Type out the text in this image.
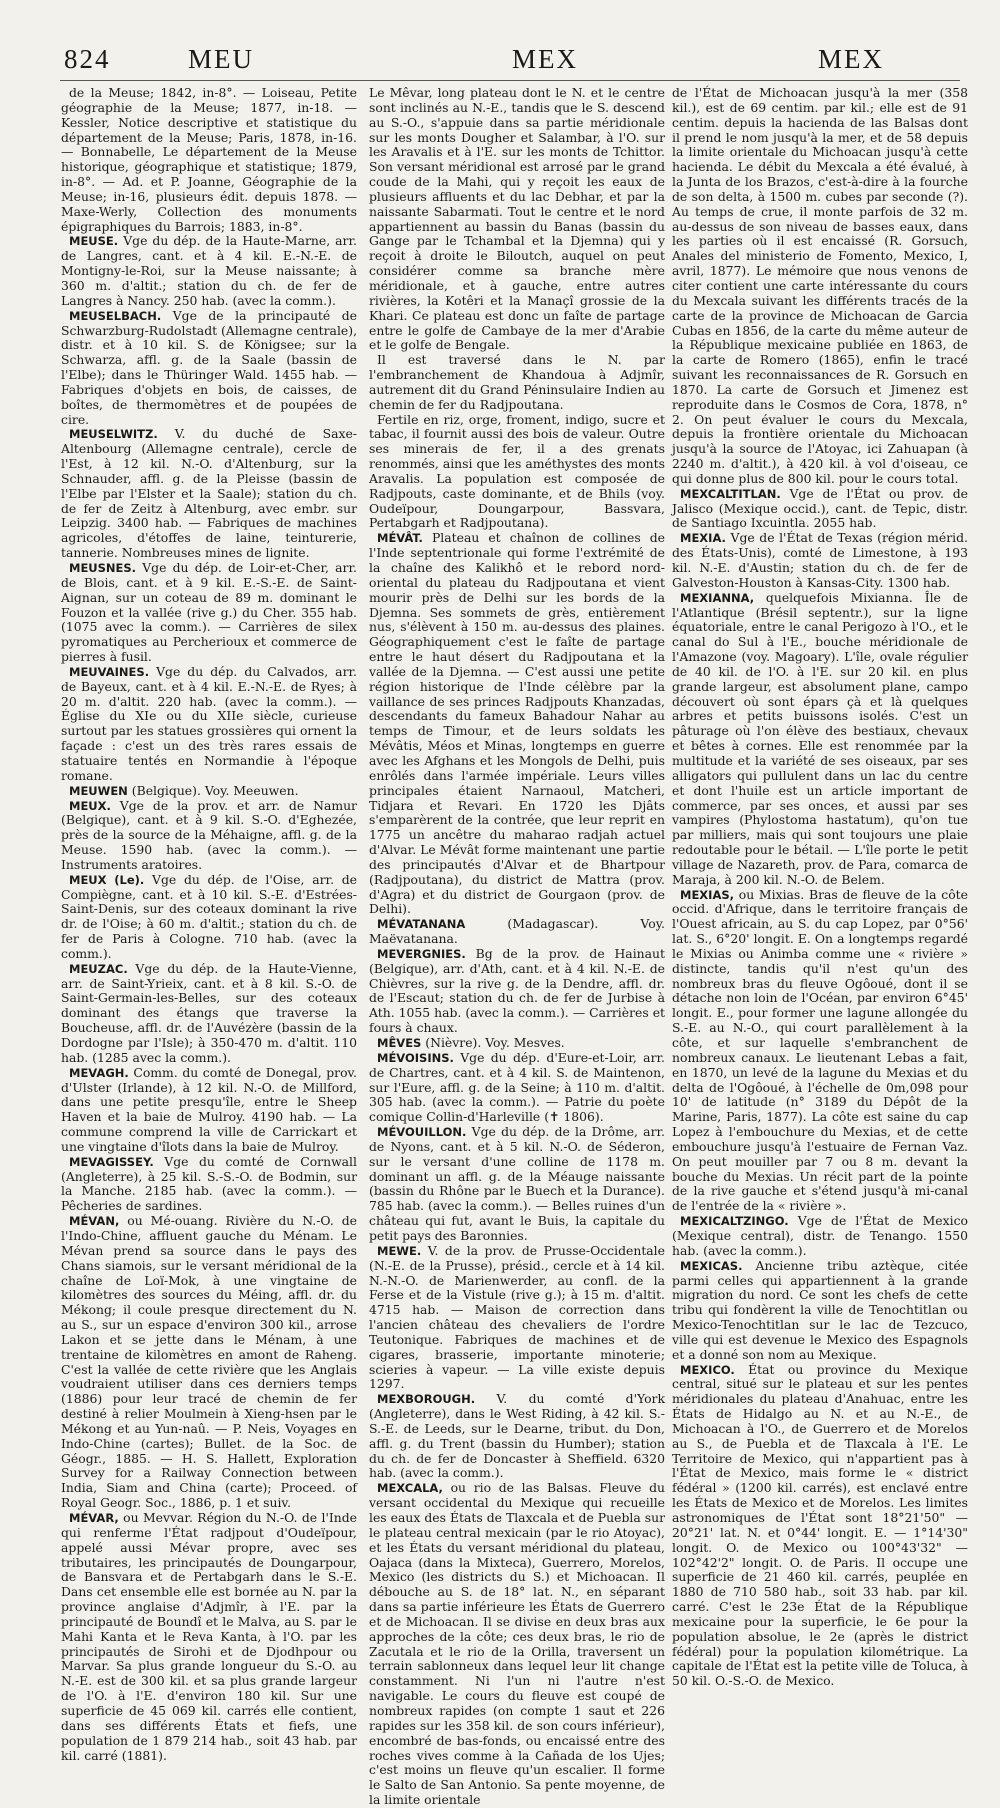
824	MEU	MEX	MEX

de la Meuse; 1842, in-8°. — Loiseau, Petite géographie de la Meuse; 1877, in-18. — Kessler, Notice descriptive et statistique du département de la Meuse; Paris, 1878, in-16. — Bonnabelle, Le département de la Meuse historique, géographique et statistique; 1879, in-8°. — Ad. et P. Joanne, Géographie de la Meuse; in-16, plusieurs édit. depuis 1878. — Maxe-Werly, Collection des monuments épigraphiques du Barrois; 1883, in-8°.

MEUSE. Vge du dép. de la Haute-Marne, arr. de Langres, cant. et à 4 kil. E.-N.-E. de Montigny-le-Roi, sur la Meuse naissante; à 360 m. d'altit.; station du ch. de fer de Langres à Nancy. 250 hab. (avec la comm.).

MEUSELBACH. Vge de la principauté de Schwarzburg-Rudolstadt (Allemagne centrale), distr. et à 10 kil. S. de Königsee; sur la Schwarza, affl. g. de la Saale (bassin de l'Elbe); dans le Thüringer Wald. 1455 hab. — Fabriques d'objets en bois, de caisses, de boîtes, de thermomètres et de poupées de cire.

MEUSELWITZ. V. du duché de Saxe-Altenbourg (Allemagne centrale), cercle de l'Est, à 12 kil. N.-O. d'Altenburg, sur la Schnauder, affl. g. de la Pleisse (bassin de l'Elbe par l'Elster et la Saale); station du ch. de fer de Zeitz à Altenburg, avec embr. sur Leipzig. 3400 hab. — Fabriques de machines agricoles, d'étoffes de laine, teinturerie, tannerie. Nombreuses mines de lignite.

MEUSNES. Vge du dép. de Loir-et-Cher, arr. de Blois, cant. et à 9 kil. E.-S.-E. de Saint-Aignan, sur un coteau de 89 m. dominant le Fouzon et la vallée (rive g.) du Cher. 355 hab. (1075 avec la comm.). — Carrières de silex pyromatiques au Percheriouх et commerce de pierres à fusil.

MEUVAINES. Vge du dép. du Calvados, arr. de Bayeux, cant. et à 4 kil. E.-N.-E. de Ryes; à 20 m. d'altit. 220 hab. (avec la comm.). — Église du XIe ou du XIIe siècle, curieuse surtout par les statues grossières qui ornent la façade : c'est un des très rares essais de statuaire tentés en Normandie à l'époque romane.

MEUWEN (Belgique). Voy. Meeuwen.

MEUX. Vge de la prov. et arr. de Namur (Belgique), cant. et à 9 kil. S.-O. d'Eghezée, près de la source de la Méhaigne, affl. g. de la Meuse. 1590 hab. (avec la comm.). — Instruments aratoires.

MEUX (Le). Vge du dép. de l'Oise, arr. de Compiègne, cant. et à 10 kil. S.-E. d'Estrées-Saint-Denis, sur des coteaux dominant la rive dr. de l'Oise; à 60 m. d'altit.; station du ch. de fer de Paris à Cologne. 710 hab. (avec la comm.).

MEUZAC. Vge du dép. de la Haute-Vienne, arr. de Saint-Yrieix, cant. et à 8 kil. S.-O. de Saint-Germain-les-Belles, sur des coteaux dominant des étangs que traverse la Boucheuse, affl. dr. de l'Auvézère (bassin de la Dordogne par l'Isle); à 350-470 m. d'altit. 110 hab. (1285 avec la comm.).

MEVAGH. Comm. du comté de Donegal, prov. d'Ulster (Irlande), à 12 kil. N.-O. de Millford, dans une petite presqu'île, entre le Sheep Haven et la baie de Mulroy. 4190 hab. — La commune comprend la ville de Carrickart et une vingtaine d'îlots dans la baie de Mulroy.

MEVAGISSEY. Vge du comté de Cornwall (Angleterre), à 25 kil. S.-S.-O. de Bodmin, sur la Manche. 2185 hab. (avec la comm.). — Pêcheries de sardines.

MÉVAN, ou Mé-ouang. Rivière du N.-O. de l'Indo-Chine, affluent gauche du Ménam. Le Mévan prend sa source dans le pays des Chans siamois, sur le versant méridional de la chaîne de Loï-Mok, à une vingtaine de kilomètres des sources du Méing, affl. dr. du Mékong; il coule presque directement du N. au S., sur un espace d'environ 300 kil., arrose Lakon et se jette dans le Ménam, à une trentaine de kilomètres en amont de Raheng. C'est la vallée de cette rivière que les Anglais voudraient utiliser dans ces derniers temps (1886) pour leur tracé de chemin de fer destiné à relier Moulmein à Xieng-hsen par le Mékong et au Yun-naû. — P. Neis, Voyages en Indo-Chine (cartes); Bullet. de la Soc. de Géogr., 1885. — H. S. Hallett, Exploration Survey for a Railway Connection between India, Siam and China (carte); Proceed. of Royal Geogr. Soc., 1886, p. 1 et suiv.

MÉVAR, ou Mevvar. Région du N.-O. de l'Inde qui renferme l'État radjpout d'Oudeïpour, appelé aussi Mévar propre, avec ses tributaires, les principautés de Doungarpour, de Bansvara et de Pertabgarh dans le S.-E. Dans cet ensemble elle est bornée au N. par la province anglaise d'Adjmîr, à l'E. par la principauté de Boundî et le Malva, au S. par le Mahi Kanta et le Reva Kanta, à l'O. par les principautés de Sirohi et de Djodhpour ou Marvar. Sa plus grande longueur du S.-O. au N.-E. est de 300 kil. et sa plus grande largeur de l'O. à l'E. d'environ 180 kil. Sur une superficie de 45 069 kil. carrés elle contient, dans ses différents États et fiefs, une population de 1 879 214 hab., soit 43 hab. par kil. carré (1881).

Le Mêvar, long plateau dont le N. et le centre sont inclinés au N.-E., tandis que le S. descend au S.-O., s'appuie dans sa partie méridionale sur les monts Dougher et Salambar, à l'O. sur les Aravalis et à l'E. sur les monts de Tchittor. Son versant méridional est arrosé par le grand coude de la Mahi, qui y reçoit les eaux de plusieurs affluents et du lac Debhar, et par la naissante Sabarmati. Tout le centre et le nord appartiennent au bassin du Banas (bassin du Gange par le Tchambal et la Djemna) qui y reçoit à droite le Biloutch, auquel on peut considérer comme sa branche mère méridionale, et à gauche, entre autres rivières, la Kotêri et la Manaçî grossie de la Khari. Ce plateau est donc un faîte de partage entre le golfe de Cambaye de la mer d'Arabie et le golfe de Bengale.

Il est traversé dans le N. par l'embranchement de Khandoua à Adjmîr, autrement dit du Grand Péninsulaire Indien au chemin de fer du Radjpoutana.

Fertile en riz, orge, froment, indigo, sucre et tabac, il fournit aussi des bois de valeur. Outre ses minerais de fer, il a des grenats renommés, ainsi que les améthystes des monts Aravalis. La population est composée de Radjpouts, caste dominante, et de Bhils (voy. Oudeïpour, Doungarpour, Bassvara, Pertabgarh et Radjpoutana).

MÉVÂT. Plateau et chaînon de collines de l'Inde septentrionale qui forme l'extrémité de la chaîne des Kalikhô et le rebord nord-oriental du plateau du Radjpoutana et vient mourir près de Delhi sur les bords de la Djemna. Ses sommets de grès, entièrement nus, s'élèvent à 150 m. au-dessus des plaines. Géographiquement c'est le faîte de partage entre le haut désert du Radjpoutana et la vallée de la Djemna. — C'est aussi une petite région historique de l'Inde célèbre par la vaillance de ses princes Radjpouts Khanzadas, descendants du fameux Bahadour Nahar au temps de Timour, et de leurs soldats les Mévâtis, Méos et Minas, longtemps en guerre avec les Afghans et les Mongols de Delhi, puis enrôlés dans l'armée impériale. Leurs villes principales étaient Narnaoul, Matcheri, Tidjara et Revari. En 1720 les Djâts s'emparèrent de la contrée, que leur reprit en 1775 un ancêtre du maharao radjah actuel d'Alvar. Le Mévât forme maintenant une partie des principautés d'Alvar et de Bhartpour (Radjpoutana), du district de Mattra (prov. d'Agra) et du district de Gourgaon (prov. de Delhi).

MÉVATANANA	(Madagascar). Voy. Maëvatanana.

MEVERGNIES. Bg de la prov. de Hainaut (Belgique), arr. d'Ath, cant. et à 4 kil. N.-E. de Chièvres, sur la rive g. de la Dendre, affl. dr. de l'Escaut; station du ch. de fer de Jurbise à Ath. 1055 hab. (avec la comm.). — Carrières et fours à chaux.

MÊVES (Nièvre). Voy. Mesves.

MÉVOISINS. Vge du dép. d'Eure-et-Loir, arr. de Chartres, cant. et à 4 kil. S. de Maintenon, sur l'Eure, affl. g. de la Seine; à 110 m. d'altit. 305 hab. (avec la comm.). — Patrie du poète comique Collin-d'Harleville (✝ 1806).

MÉVOUILLON. Vge du dép. de la Drôme, arr. de Nyons, cant. et à 5 kil. N.-O. de Séderon, sur le versant d'une colline de 1178 m. dominant un affl. g. de la Méauge naissante (bassin du Rhône par le Buech et la Durance). 785 hab. (avec la comm.). — Belles ruines d'un château qui fut, avant le Buis, la capitale du petit pays des Baronnies.

MEWE. V. de la prov. de Prusse-Occidentale (N.-E. de la Prusse), présid., cercle et à 14 kil. N.-N.-O. de Marienwerder, au confl. de la Ferse et de la Vistule (rive g.); à 15 m. d'altit. 4715 hab. — Maison de correction dans l'ancien château des chevaliers de l'ordre Teutonique. Fabriques de machines et de cigares, brasserie, importante minoterie; scieries à vapeur. — La ville existe depuis 1297.

MEXBOROUGH. V. du comté d'York (Angleterre), dans le West Riding, à 42 kil. S.-S.-E. de Leeds, sur le Dearne, tribut. du Don, affl. g. du Trent (bassin du Humber); station du ch. de fer de Doncaster à Sheffield. 6320 hab. (avec la comm.).

MEXCALA, ou rio de las Balsas. Fleuve du versant occidental du Mexique qui recueille les eaux des États de Tlaxcala et de Puebla sur le plateau central mexicain (par le rio Atoyac), et les États du versant méridional du plateau, Oajaca (dans la Mixteca), Guerrero, Morelos, Mexico (les districts du S.) et Michoacan. Il débouche au S. de 18° lat. N., en séparant dans sa partie inférieure les États de Guerrero et de Michoacan. Il se divise en deux bras aux approches de la côte; ces deux bras, le rio de Zacutala et le rio de la Orilla, traversent un terrain sablonneux dans lequel leur lit change constamment. Ni l'un ni l'autre n'est navigable. Le cours du fleuve est coupé de nombreux rapides (on compte 1 saut et 226 rapides sur les 358 kil. de son cours inférieur), encombré de bas-fonds, ou encaissé entre des roches vives comme à la Cañada de los Ujes; c'est moins un fleuve qu'un escalier. Il forme le Salto de San Antonio. Sa pente moyenne, de la limite orientale

de l'État de Michoacan jusqu'à la mer (358 kil.), est de 69 centim. par kil.; elle est de 91 centim. depuis la hacienda de las Balsas dont il prend le nom jusqu'à la mer, et de 58 depuis la limite orientale du Michoacan jusqu'à cette hacienda. Le débit du Mexcala a été évalué, à la Junta de los Brazos, c'est-à-dire à la fourche de son delta, à 1500 m. cubes par seconde (?). Au temps de crue, il monte parfois de 32 m. au-dessus de son niveau de basses eaux, dans les parties où il est encaissé (R. Gorsuch, Anales del ministerio de Fomento, Mexico, I, avril, 1877). Le mémoire que nous venons de citer contient une carte intéressante du cours du Mexcala suivant les différents tracés de la carte de la province de Michoacan de Garcia Cubas en 1856, de la carte du même auteur de la République mexicaine publiée en 1863, de la carte de Romero (1865), enfin le tracé suivant les reconnaissances de R. Gorsuch en 1870. La carte de Gorsuch et Jimenez est reproduite dans le Cosmos de Cora, 1878, n° 2. On peut évaluer le cours du Mexcala, depuis la frontière orientale du Michoacan jusqu'à la source de l'Atoyac, ici Zahuapan (à 2240 m. d'altit.), à 420 kil. à vol d'oiseau, ce qui donne plus de 800 kil. pour le cours total.

MEXCALTITLAN. Vge de l'État ou prov. de Jalisco (Mexique occid.), cant. de Tepic, distr. de Santiago Ixcuintla. 2055 hab.

MEXIA. Vge de l'État de Texas (région mérid. des États-Unis), comté de Limestone, à 193 kil. N.-E. d'Austin; station du ch. de fer de Galveston-Houston à Kansas-City. 1300 hab.

MEXIANNA, quelquefois Mixianna. Île de l'Atlantique (Brésil septentr.), sur la ligne équatoriale, entre le canal Perigozo à l'O., et le canal do Sul à l'E., bouche méridionale de l'Amazone (voy. Magoary). L'île, ovale régulier de 40 kil. de l'O. à l'E. sur 20 kil. en plus grande largeur, est absolument plane, campo découvert où sont épars çà et là quelques arbres et petits buissons isolés. C'est un pâturage où l'on élève des bestiaux, chevaux et bêtes à cornes. Elle est renommée par la multitude et la variété de ses oiseaux, par ses alligators qui pullulent dans un lac du centre et dont l'huile est un article important de commerce, par ses onces, et aussi par ses vampires (Phylostoma hastatum), qu'on tue par milliers, mais qui sont toujours une plaie redoutable pour le bétail. — L'île porte le petit village de Nazareth, prov. de Para, comarca de Maraja, à 200 kil. N.-O. de Belem.

MEXIAS, ou Mixias. Bras de fleuve de la côte occid. d'Afrique, dans le territoire français de l'Ouest africain, au S. du cap Lopez, par 0°56' lat. S., 6°20' longit. E. On a longtemps regardé le Mixias ou Animba comme une « rivière » distincte, tandis qu'il n'est qu'un des nombreux bras du fleuve Ogôoué, dont il se détache non loin de l'Océan, par environ 6°45' longit. E., pour former une lagune allongée du S.-E. au N.-O., qui court parallèlement à la côte, et sur laquelle s'embranchent de nombreux canaux. Le lieutenant Lebas a fait, en 1870, un levé de la lagune du Mexias et du delta de l'Ogôoué, à l'échelle de 0m,098 pour 10' de latitude (n° 3189 du Dépôt de la Marine, Paris, 1877). La côte est saine du cap Lopez à l'embouchure du Mexias, et de cette embouchure jusqu'à l'estuaire de Fernan Vaz. On peut mouiller par 7 ou 8 m. devant la bouche du Mexias. Un récit part de la pointe de la rive gauche et s'étend jusqu'à mi-canal de l'entrée de la « rivière ».

MEXICALTZINGO. Vge de l'État de Mexico (Mexique central), distr. de Tenango. 1550 hab. (avec la comm.).

MEXICAS. Ancienne tribu aztèque, citée parmi celles qui appartiennent à la grande migration du nord. Ce sont les chefs de cette tribu qui fondèrent la ville de Tenochtitlan ou Mexico-Tenochtitlan sur le lac de Tezcuco, ville qui est devenue le Mexico des Espagnols et a donné son nom au Mexique.

MEXICO. État ou province du Mexique central, situé sur le plateau et sur les pentes méridionales du plateau d'Anahuac, entre les États de Hidalgo au N. et au N.-E., de Michoacan à l'O., de Guerrero et de Morelos au S., de Puebla et de Tlaxcala à l'E. Le Territoire de Mexico, qui n'appartient pas à l'État de Mexico, mais forme le « district fédéral » (1200 kil. carrés), est enclavé entre les États de Mexico et de Morelos. Les limites astronomiques de l'État sont 18°21'50" — 20°21' lat. N. et 0°44' longit. E. — 1°14'30" longit. O. de Mexico ou 100°43'32" — 102°42'2" longit. O. de Paris. Il occupe une superficie de 21 460 kil. carrés, peuplée en 1880 de 710 580 hab., soit 33 hab. par kil. carré. C'est le 23e État de la République mexicaine pour la superficie, le 6e pour la population absolue, le 2e (après le district fédéral) pour la population kilométrique. La capitale de l'État est la petite ville de Toluca, à 50 kil. O.-S.-O. de Mexico.
